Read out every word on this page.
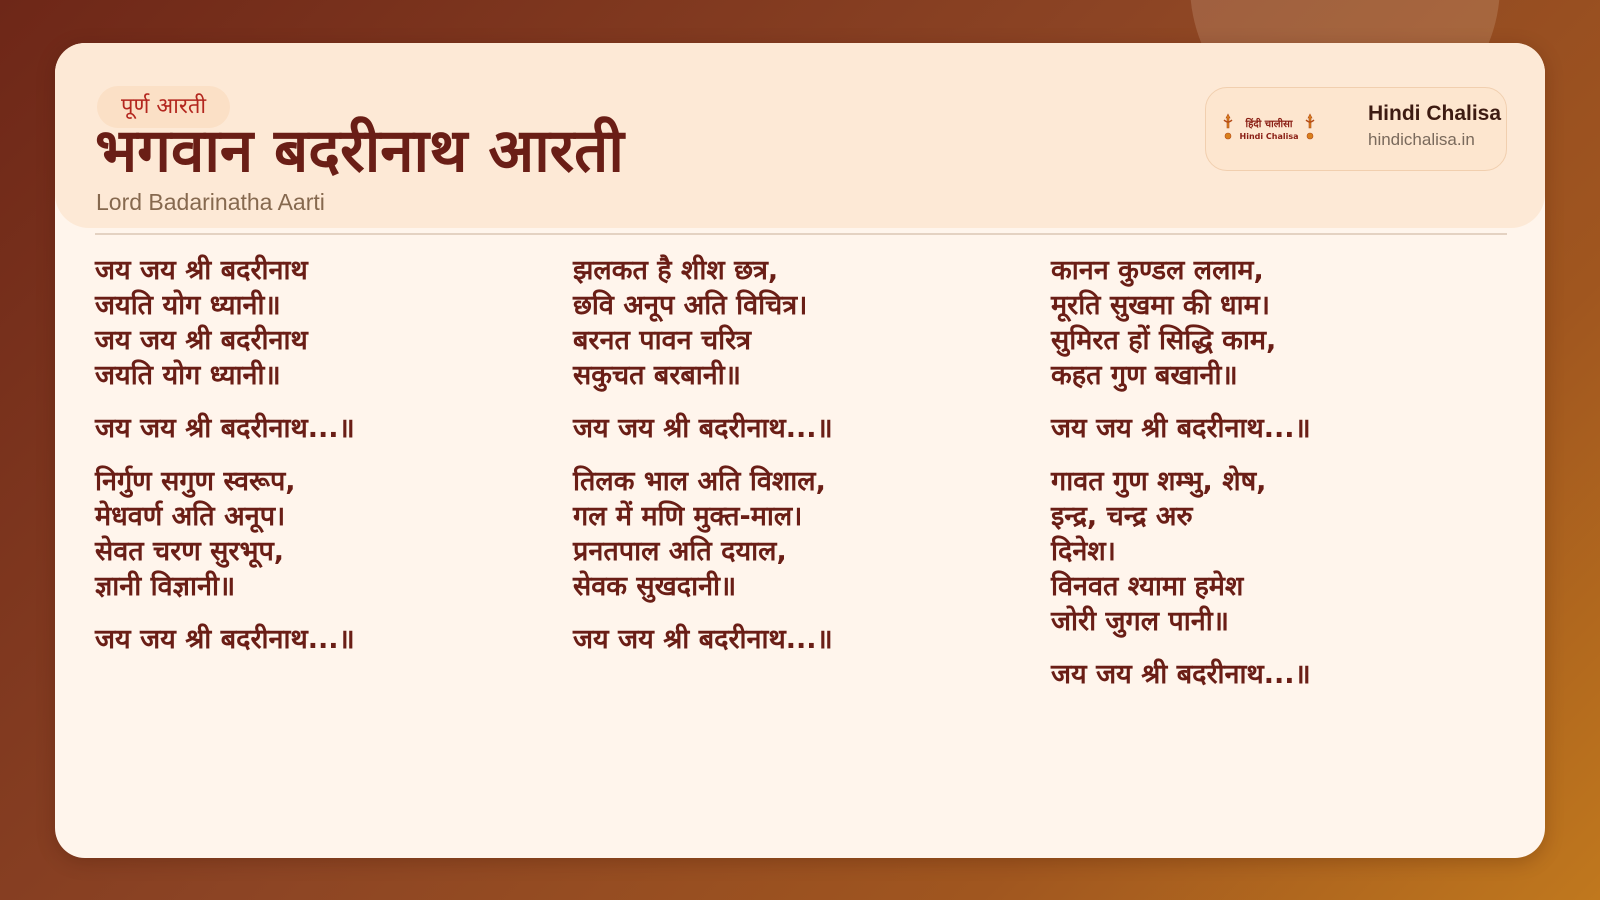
पूर्ण आरती
भगवान बदरीनाथ आरती
Lord Badarinatha Aarti
हिंदी चालीसा
Hindi Chalisa
Hindi Chalisa
hindichalisa.in
जय जय श्री बदरीनाथ
जयति योग ध्यानी॥
जय जय श्री बदरीनाथ
जयति योग ध्यानी॥
जय जय श्री बदरीनाथ...॥
निर्गुण सगुण स्वरूप,
मेधवर्ण अति अनूप।
सेवत चरण सुरभूप,
ज्ञानी विज्ञानी॥
जय जय श्री बदरीनाथ...॥
झलकत है शीश छत्र,
छवि अनूप अति विचित्र।
बरनत पावन चरित्र
सकुचत बरबानी॥
जय जय श्री बदरीनाथ...॥
तिलक भाल अति विशाल,
गल में मणि मुक्त-माल।
प्रनतपाल अति दयाल,
सेवक सुखदानी॥
जय जय श्री बदरीनाथ...॥
कानन कुण्डल ललाम,
मूरति सुखमा की धाम।
सुमिरत हों सिद्धि काम,
कहत गुण बखानी॥
जय जय श्री बदरीनाथ...॥
गावत गुण शम्भु, शेष,
इन्द्र, चन्द्र अरु
दिनेश।
विनवत श्यामा हमेश
जोरी जुगल पानी॥
जय जय श्री बदरीनाथ...॥
